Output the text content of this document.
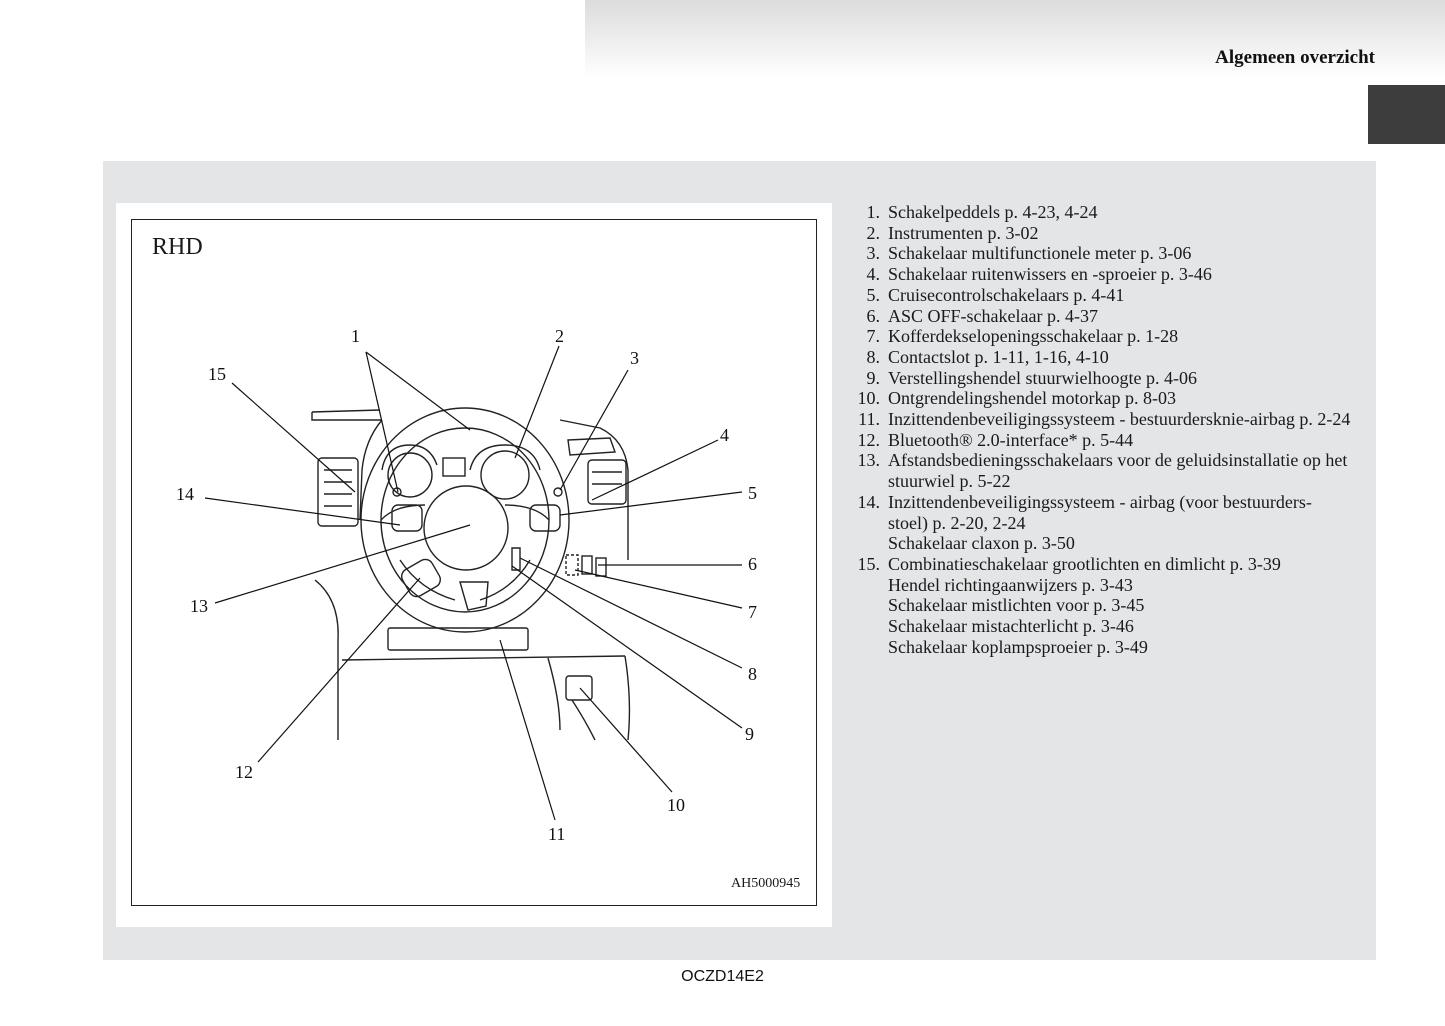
Algemeen overzicht
RHD
AH5000945
1	2
3
4
5
6
7
8
9
10
11
12
13
14
15
1. Schakelpeddels p. 4-23, 4-24
2. Instrumenten p. 3-02
3. Schakelaar multifunctionele meter p. 3-06
4. Schakelaar ruitenwissers en -sproeier p. 3-46
5. Cruisecontrolschakelaars p. 4-41
6. ASC OFF-schakelaar p. 4-37
7. Kofferdekselopeningsschakelaar p. 1-28
8. Contactslot p. 1-11, 1-16, 4-10
9. Verstellingshendel stuurwielhoogte p. 4-06
10. Ontgrendelingshendel motorkap p. 8-03
11. Inzittendenbeveiligingssysteem - bestuurdersknie-airbag p. 2-24
12. Bluetooth® 2.0-interface* p. 5-44
13. Afstandsbedieningsschakelaars voor de geluidsinstallatie op het
stuurwiel p. 5-22
14. Inzittendenbeveiligingssysteem - airbag (voor bestuurders-
stoel) p. 2-20, 2-24
Schakelaar claxon p. 3-50
15. Combinatieschakelaar grootlichten en dimlicht p. 3-39
Hendel richtingaanwijzers p. 3-43
Schakelaar mistlichten voor p. 3-45
Schakelaar mistachterlicht p. 3-46
Schakelaar koplampsproeier p. 3-49
OCZD14E2
